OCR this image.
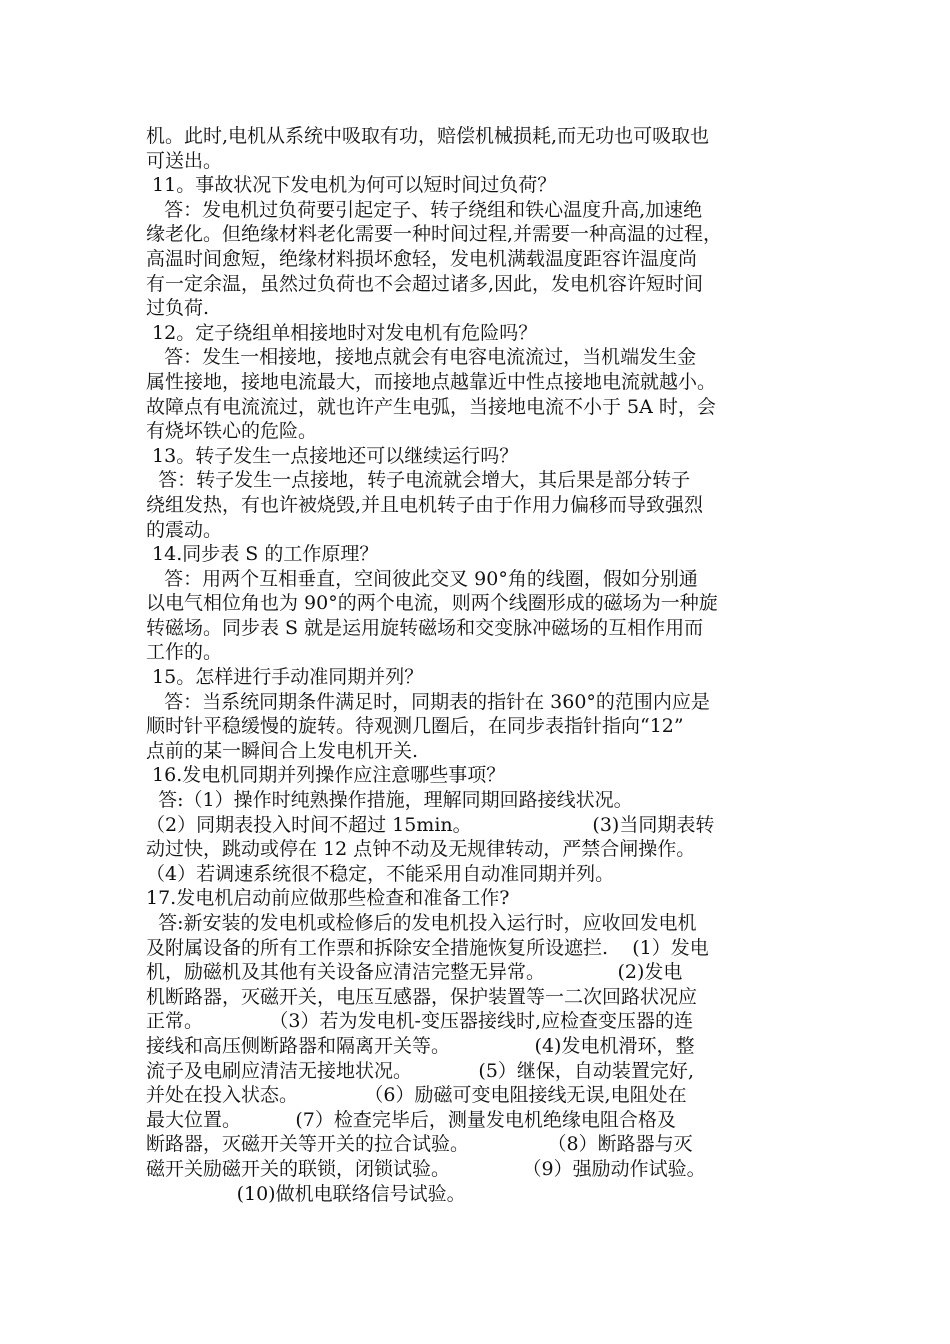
机。此时,电机从系统中吸取有功，赔偿机械损耗,而无功也可吸取也
可送出。
11。事故状况下发电机为何可以短时间过负荷？
答：发电机过负荷要引起定子、转子绕组和铁心温度升高,加速绝
缘老化。但绝缘材料老化需要一种时间过程,并需要一种高温的过程，
高温时间愈短，绝缘材料损坏愈轻，发电机满载温度距容许温度尚
有一定余温，虽然过负荷也不会超过诸多,因此，发电机容许短时间
过负荷.
12。定子绕组单相接地时对发电机有危险吗？
答：发生一相接地，接地点就会有电容电流流过，当机端发生金
属性接地，接地电流最大，而接地点越靠近中性点接地电流就越小。
故障点有电流流过，就也许产生电弧，当接地电流不小于 5A 时，会
有烧坏铁心的危险。
13。转子发生一点接地还可以继续运行吗？
答：转子发生一点接地，转子电流就会增大，其后果是部分转子
绕组发热，有也许被烧毁,并且电机转子由于作用力偏移而导致强烈
的震动。
14.同步表 S 的工作原理？
答：用两个互相垂直，空间彼此交叉 90°角的线圈，假如分别通
以电气相位角也为 90°的两个电流，则两个线圈形成的磁场为一种旋
转磁场。同步表 S 就是运用旋转磁场和交变脉冲磁场的互相作用而
工作的。
15。怎样进行手动准同期并列？
答：当系统同期条件满足时，同期表的指针在 360°的范围内应是
顺时针平稳缓慢的旋转。待观测几圈后，在同步表指针指向“12”
点前的某一瞬间合上发电机开关.
16.发电机同期并列操作应注意哪些事项？
答:（1）操作时纯熟操作措施，理解同期回路接线状况。
（2）同期表投入时间不超过 15min。                    (3)当同期表转
动过快，跳动或停在 12 点钟不动及无规律转动，严禁合闸操作。
（4）若调速系统很不稳定，不能采用自动准同期并列。
17.发电机启动前应做那些检查和准备工作?
答:新安装的发电机或检修后的发电机投入运行时，应收回发电机
及附属设备的所有工作票和拆除安全措施恢复所设遮拦.    (1）发电
机，励磁机及其他有关设备应清洁完整无异常。            (2)发电
机断路器，灭磁开关，电压互感器，保护装置等一二次回路状况应
正常。           （3）若为发电机-变压器接线时,应检查变压器的连
接线和高压侧断路器和隔离开关等。              (4)发电机滑环，整
流子及电刷应清洁无接地状况。           (5）继保，自动装置完好,
并处在投入状态。           （6）励磁可变电阻接线无误,电阻处在
最大位置。         (7）检查完毕后，测量发电机绝缘电阻合格及
断路器，灭磁开关等开关的拉合试验。             （8）断路器与灭
磁开关励磁开关的联锁，闭锁试验。            （9）强励动作试验。
(10)做机电联络信号试验。
